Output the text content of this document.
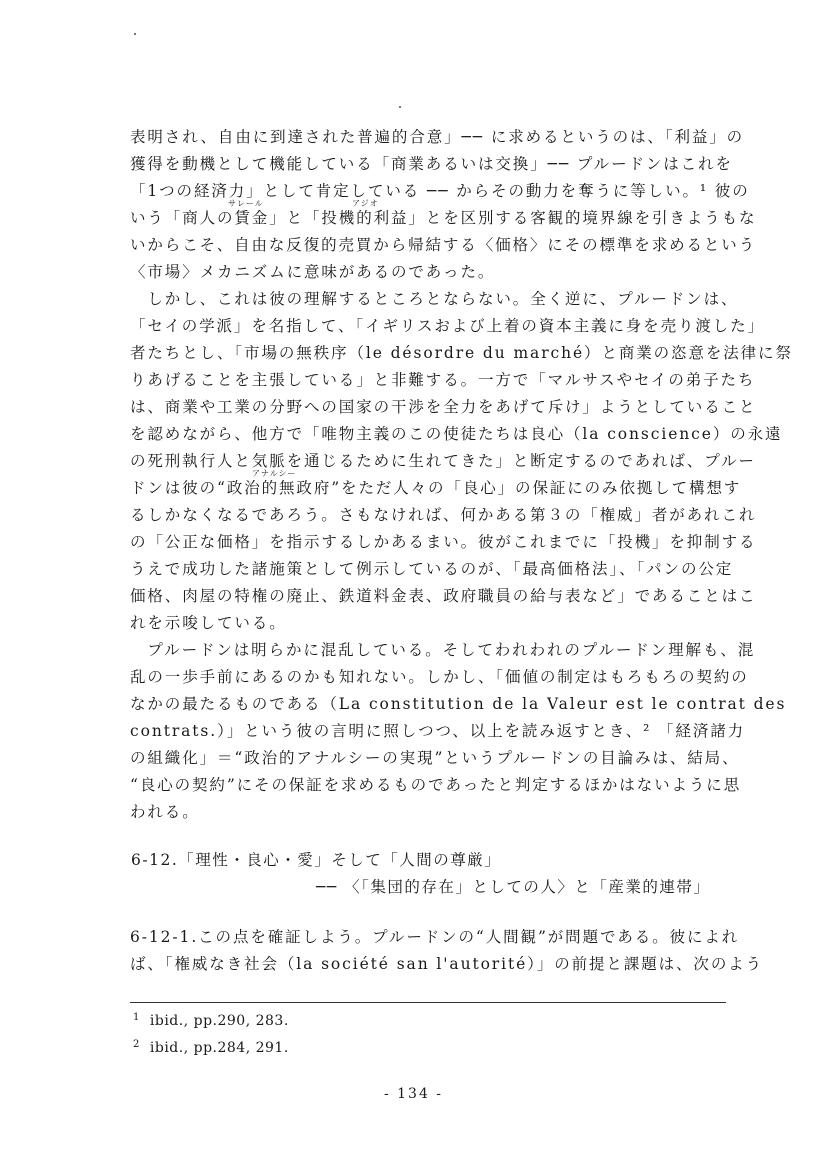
表明され、自由に到達された普遍的合意」── に求めるというのは、「利益」の
獲得を動機として機能している「商業あるいは交換」── プルードンはこれを
「1つの経済力」として肯定している ── からその動力を奪うに等しい。¹ 彼の
サレール	アジオ
いう「商人の賃金」と「投機的利益」とを区別する客観的境界線を引きようもな
いからこそ、自由な反復的売買から帰結する〈価格〉にその標準を求めるという
〈市場〉メカニズムに意味があるのであった。
　しかし、これは彼の理解するところとならない。全く逆に、プルードンは、
「セイの学派」を名指して、「イギリスおよび上着の資本主義に身を売り渡した」
者たちとし、「市場の無秩序（le désordre du marché）と商業の恣意を法律に祭
りあげることを主張している」と非難する。一方で「マルサスやセイの弟子たち
は、商業や工業の分野への国家の干渉を全力をあげて斥け」ようとしていること
を認めながら、他方で「唯物主義のこの使徒たちは良心（la conscience）の永遠
の死刑執行人と気脈を通じるために生れてきた」と断定するのであれば、プルー
アナルシー
ドンは彼の“政治的無政府”をただ人々の「良心」の保証にのみ依拠して構想す
るしかなくなるであろう。さもなければ、何かある第３の「権威」者があれこれ
の「公正な価格」を指示するしかあるまい。彼がこれまでに「投機」を抑制する
うえで成功した諸施策として例示しているのが、「最高価格法」、「パンの公定
価格、肉屋の特権の廃止、鉄道料金表、政府職員の給与表など」であることはこ
れを示唆している。
　プルードンは明らかに混乱している。そしてわれわれのプルードン理解も、混
乱の一歩手前にあるのかも知れない。しかし、「価値の制定はもろもろの契約の
なかの最たるものである（La constitution de la Valeur est le contrat des
contrats.）」という彼の言明に照しつつ、以上を読み返すとき、² 「経済諸力
の組織化」＝“政治的アナルシーの実現”というプルードンの目論みは、結局、
“良心の契約”にその保証を求めるものであったと判定するほかはないように思
われる。
6-12.「理性・良心・愛」そして「人間の尊厳」
── 〈「集団的存在」としての人〉と「産業的連帯」
6-12-1.この点を確証しよう。プルードンの“人間観”が問題である。彼によれ
ば、「権威なき社会（la société san l'autorité）」の前提と課題は、次のよう
$^1$ ibid., pp.290, 283.
$^2$ ibid., pp.284, 291.
- 134 -
